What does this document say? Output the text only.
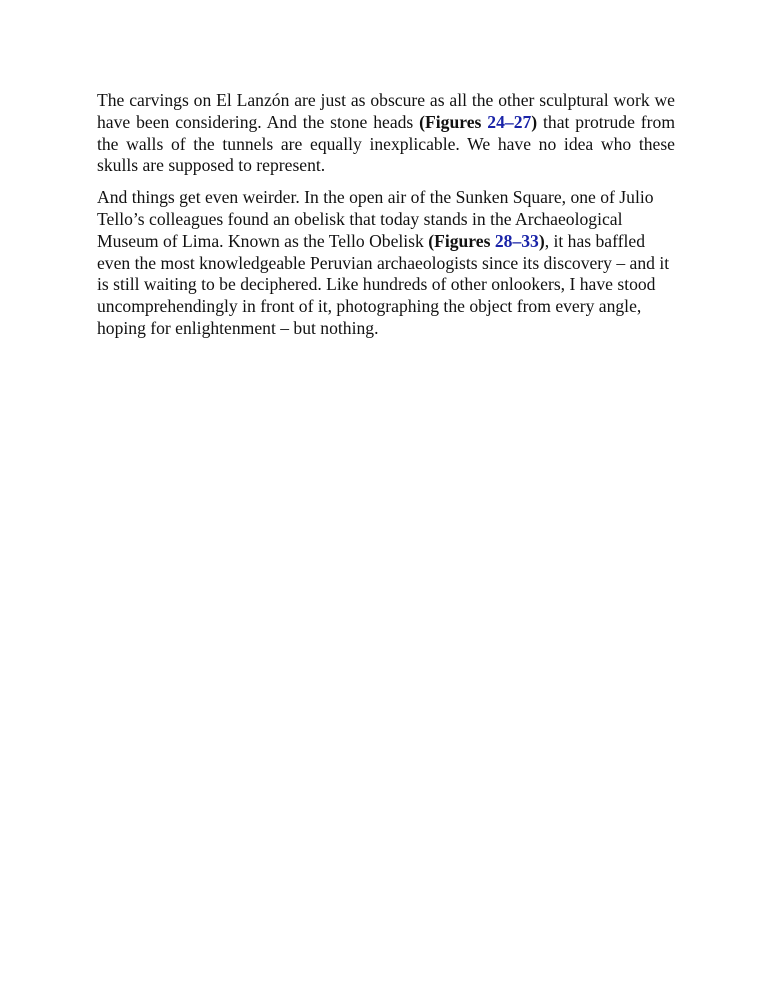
The carvings on El Lanzón are just as obscure as all the other sculptural work we have been considering. And the stone heads (Figures 24–27) that protrude from the walls of the tunnels are equally inexplicable. We have no idea who these skulls are supposed to represent.

And things get even weirder. In the open air of the Sunken Square, one of Julio Tello’s colleagues found an obelisk that today stands in the Archaeological Museum of Lima. Known as the Tello Obelisk (Figures 28–33), it has baffled even the most knowledgeable Peruvian archaeologists since its discovery – and it is still waiting to be deciphered. Like hundreds of other onlookers, I have stood uncomprehendingly in front of it, photographing the object from every angle, hoping for enlightenment – but nothing.
